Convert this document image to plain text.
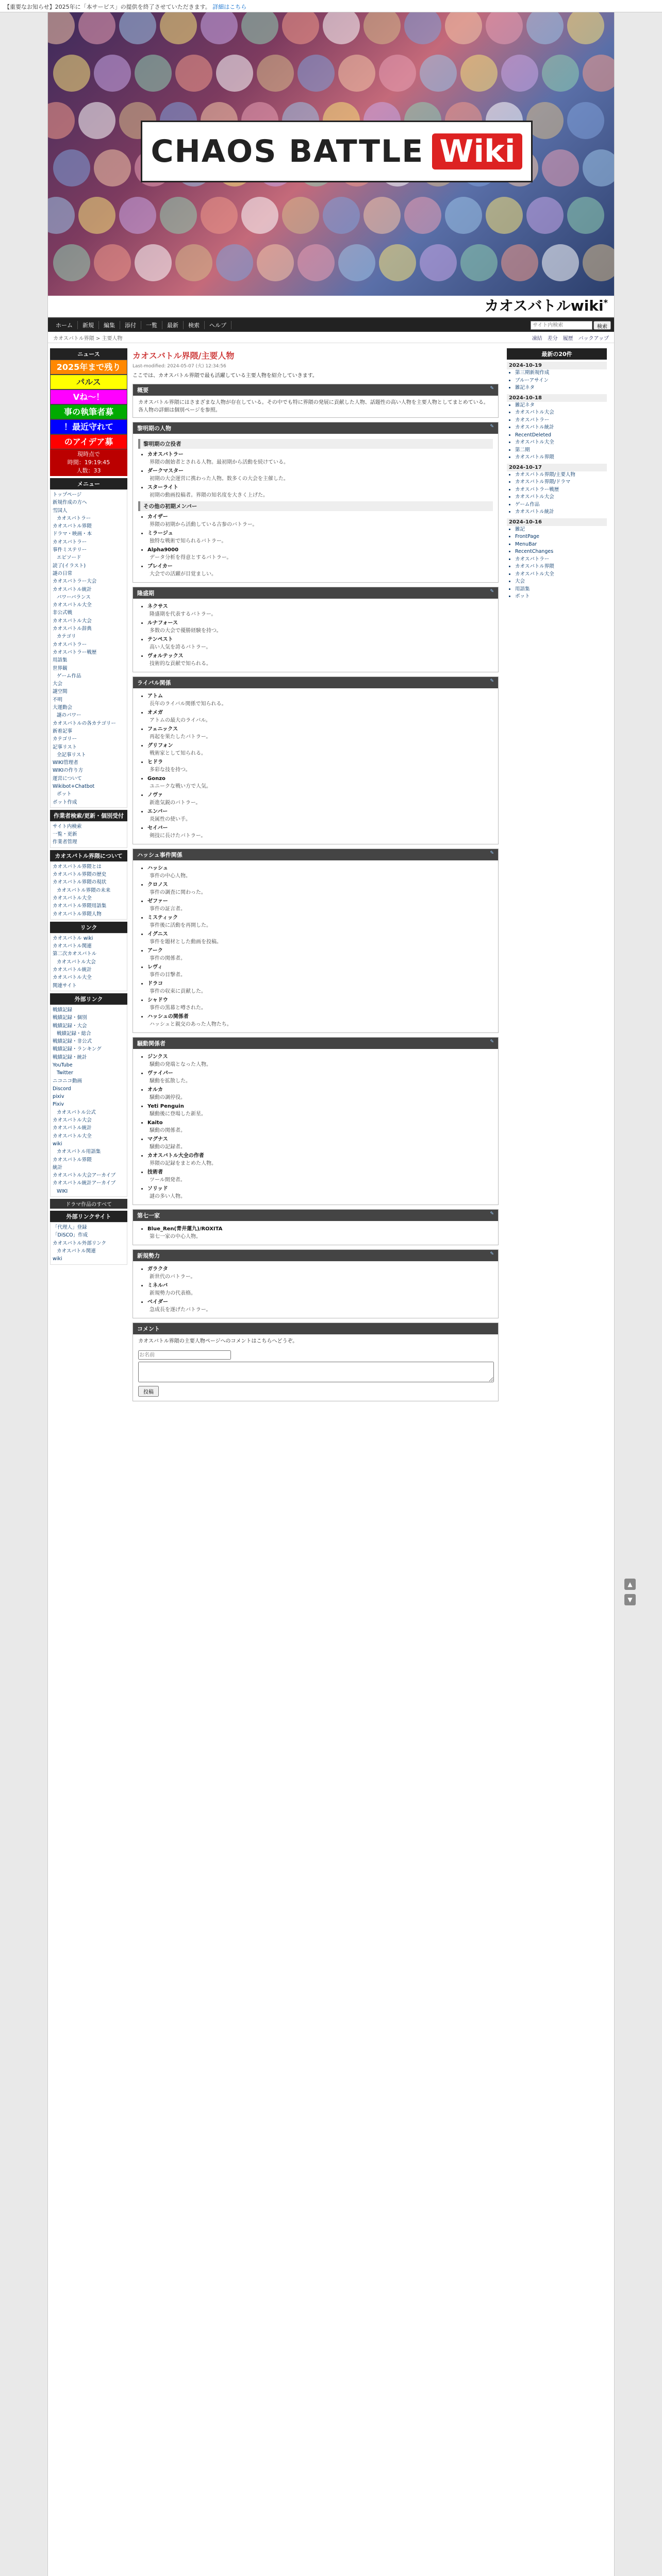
【重要なお知らせ】2025年に「本サービス」の提供を終了させていただきます。 詳細はこちら
CHAOS BATTLE Wiki
カオスバトルwiki*
ホーム	新規	編集	添付	一覧	最新	検索	ヘルプ
サイト内検索	検索
カオスバトル界隈 > 主要人物	凍結 差分 履歴 バックアップ
ニュース
2025年まで残り
パルス
Vね〜！
事の執筆者募
！最近守れて
のアイデア募
現時点で
時間：19:19:45
人数：33
メニュー
トップページ
新規作成の方へ
雪国人
カオスバトラー
カオスバトル界隈
ドラマ・映画・本
カオスバトラー
事件ミステリー
エピソード
読了(イラスト)
謎の日常
カオスバトラー大会
カオスバトル統計
パワーバランス
カオスバトル大全
非公式戦
カオスバトル大会
カオスバトル辞典
カテゴリ
カオスバトラー
カオスバトラー戦歴
用語集
世界観
ゲーム作品
大会
謎空間
不明
大運動会
謎のパワー
カオスバトルの各カテゴリー
新着記事
カテゴリー
記事リスト
全記事リスト
WIKI管理者
WIKIの作り方
運営について
Wikibot+Chatbot
ボット
ボット作成
作業者検索/更新・個別受付
サイト内検索
一覧・更新
作業者管理
カオスバトル界隈について
カオスバトル界隈とは
カオスバトル界隈の歴史
カオスバトル界隈の現状
カオスバトル界隈の未来
カオスバトル大全
カオスバトル界隈用語集
カオスバトル界隈人物
リンク
カオスバトル wiki
カオスバトル関連
第二次カオスバトル
カオスバトル大会
カオスバトル統計
カオスバトル大全
関連サイト
外部リンク
戦績記録
戦績記録・個別
戦績記録・大会
戦績記録・総合
戦績記録・非公式
戦績記録・ランキング
戦績記録・統計
YouTube
Twitter
ニコニコ動画
Discord
pixiv
Pixiv
カオスバトル公式
カオスバトル大会
カオスバトル統計
カオスバトル大全
wiki
カオスバトル用語集
カオスバトル界隈
統計
カオスバトル大会アーカイブ
カオスバトル統計アーカイブ
WIKI
ドラマ作品のすべて
外部リンクサイト
「代理人」登録
「DiSCO」作成
カオスバトル外部リンク
カオスバトル関連
wiki
カオスバトル界隈/主要人物
Last-modified: 2024-05-07 (火) 12:34:56

ここでは、カオスバトル界隈で最も活躍している主要人物を紹介していきます。

概要	✎

カオスバトル界隈にはさまざまな人物が存在している。その中でも特に界隈の発展に貢献した人物、話題性の高い人物を主要人物としてまとめている。各人物の詳細は個別ページを参照。

黎明期の人物	✎
黎明期の立役者
• カオスバトラー
界隈の創始者とされる人物。最初期から活動を続けている。
• ダークマスター
初期の大会運営に携わった人物。数多くの大会を主催した。
• スターライト
初期の動画投稿者。界隈の知名度を大きく上げた。
その他の初期メンバー
• カイザー
界隈の初期から活動している古参のバトラー。
• ミラージュ
独特な戦術で知られるバトラー。
• Alpha9000
データ分析を得意とするバトラー。
• ブレイカー
大会での活躍が目覚ましい。
隆盛期	✎
• ネクサス
隆盛期を代表するバトラー。
• ルナフォース
多数の大会で優勝経験を持つ。
• テンペスト
高い人気を誇るバトラー。
• ヴォルテックス
技術的な貢献で知られる。
ライバル関係	✎
• アトム
長年のライバル関係で知られる。
• オメガ
アトムの最大のライバル。
• フェニックス
再起を果たしたバトラー。
• グリフォン
戦術家として知られる。
• ヒドラ
多彩な技を持つ。
• Gonzo
ユニークな戦い方で人気。
• ノヴァ
新進気鋭のバトラー。
• エンバー
炎属性の使い手。
• セイバー
剣技に長けたバトラー。
ハッシュ事件関係	✎
• ハッシュ
事件の中心人物。
• クロノス
事件の調査に関わった。
• ゼファー
事件の証言者。
• ミスティック
事件後に活動を再開した。
• イグニス
事件を題材とした動画を投稿。
• アーク
事件の関係者。
• レヴィ
事件の目撃者。
• ドラコ
事件の収束に貢献した。
• シャドウ
事件の黒幕と噂された。
• ハッシュの関係者
ハッシュと親交のあった人物たち。
騒動関係者	✎
• ジンクス
騒動の発端となった人物。
• ヴァイパー
騒動を拡散した。
• オルカ
騒動の調停役。
• Yeti Penguin
騒動後に登場した新星。
• Kaito
騒動の関係者。
• マグナス
騒動の記録者。
• カオスバトル大全の作者
界隈の記録をまとめた人物。
• 技術者
ツール開発者。
• ソリッド
謎の多い人物。
第七一家	✎
• Blue_Ren(青井蓮九)/ROXITA
第七一家の中心人物。
新規勢力	✎
• ガラクタ
新世代のバトラー。
• ミネルバ
新規勢力の代表格。
• ベイダー
急成長を遂げたバトラー。
コメント
カオスバトル界隈の主要人物ページへのコメントはこちらへどうぞ。
お名前  投稿
最新の20件
2024-10-19
• 第三期新規作成
• ブルーアサイン
• 雑記ネタ
2024-10-18
• 雑記ネタ
• カオスバトル大会
• カオスバトラー
• カオスバトル統計
• RecentDeleted
• カオスバトル大全
• 第二期
• カオスバトル界隈
2024-10-17
• カオスバトル界隈/主要人物
• カオスバトル界隈/ドラマ
• カオスバトラー戦歴
• カオスバトル大会
• ゲーム作品
• カオスバトル統計
2024-10-16
• 雑記
• FrontPage
• MenuBar
• RecentChanges
• カオスバトラー
• カオスバトル界隈
• カオスバトル大全
• 大会
• 用語集
• ボット
▲
▼
